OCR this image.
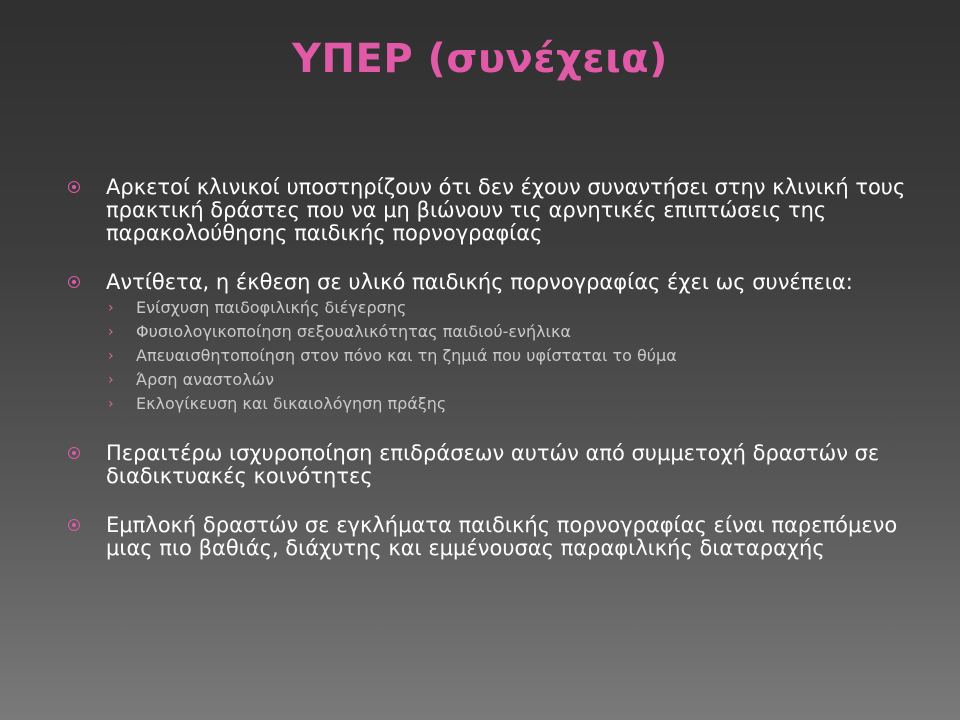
ΥΠΕΡ (συνέχεια)
Αρκετοί κλινικοί υποστηρίζουν ότι δεν έχουν συναντήσει στην κλινική τους πρακτική δράστες που να μη βιώνουν τις αρνητικές επιπτώσεις της παρακολούθησης παιδικής πορνογραφίας
Αντίθετα, η έκθεση σε υλικό παιδικής πορνογραφίας έχει ως συνέπεια:
› Ενίσχυση παιδοφιλικής διέγερσης
› Φυσιολογικοποίηση σεξουαλικότητας παιδιού-ενήλικα
› Απευαισθητοποίηση στον πόνο και τη ζημιά που υφίσταται το θύμα
› Άρση αναστολών
› Εκλογίκευση και δικαιολόγηση πράξης
Περαιτέρω ισχυροποίηση επιδράσεων αυτών από συμμετοχή δραστών σε διαδικτυακές κοινότητες
Εμπλοκή δραστών σε εγκλήματα παιδικής πορνογραφίας είναι παρεπόμενο μιας πιο βαθιάς, διάχυτης και εμμένουσας παραφιλικής διαταραχής
